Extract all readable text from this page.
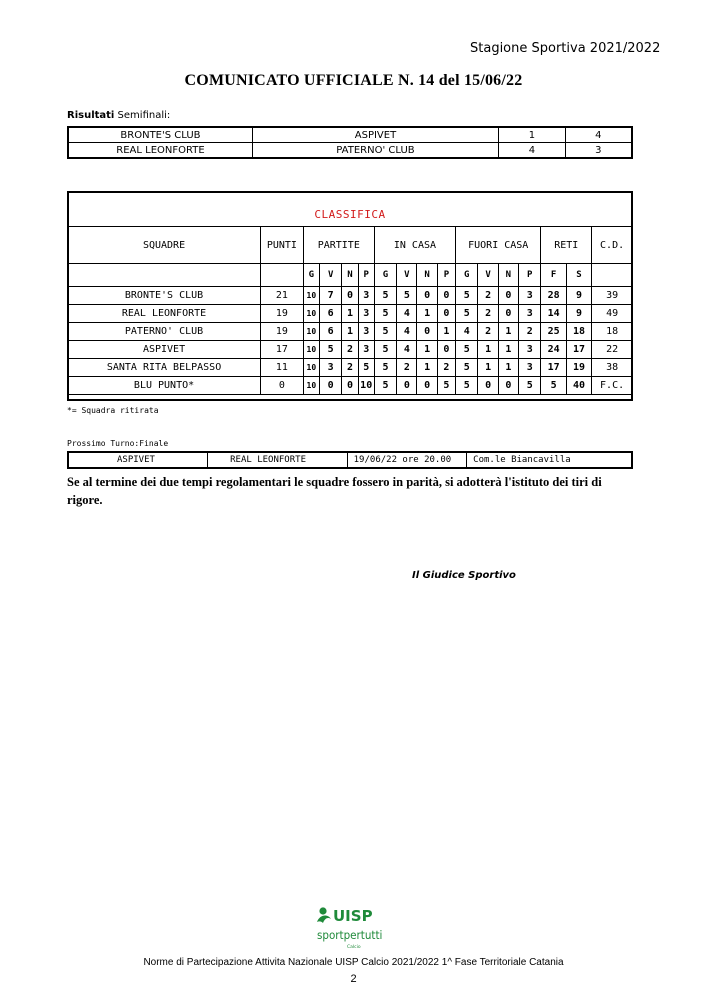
Stagione Sportiva 2021/2022
COMUNICATO UFFICIALE N. 14 del 15/06/22
Risultati Semifinali:
BRONTE'S CLUB	ASPIVET	1	4
REAL LEONFORTE	PATERNO' CLUB	4	3
CLASSIFICA
SQUADRE	PUNTI	PARTITE				IN CASA				FUORI CASA				RETI		C.D.
		G	V	N	P	G	V	N	P	G	V	N	P	F	S	
BRONTE'S CLUB	21	10	7	0	3	5	5	0	0	5	2	0	3	28	9	39
REAL LEONFORTE	19	10	6	1	3	5	4	1	0	5	2	0	3	14	9	49
PATERNO' CLUB	19	10	6	1	3	5	4	0	1	4	2	1	2	25	18	18
ASPIVET	17	10	5	2	3	5	4	1	0	5	1	1	3	24	17	22
SANTA RITA BELPASSO	11	10	3	2	5	5	2	1	2	5	1	1	3	17	19	38
BLU PUNTO*	0	10	0	0	10	5	0	0	5	5	0	0	5	5	40	F.C.
*= Squadra ritirata
Prossimo Turno:Finale
ASPIVET	REAL LEONFORTE	19/06/22 ore 20.00	Com.le Biancavilla
Se al termine dei due tempi regolamentari le squadre fossero in parità, si adotterà l'istituto dei tiri di rigore.
Il Giudice Sportivo
UISP
sportpertutti
Calcio
Norme di Partecipazione Attivita Nazionale UISP Calcio 2021/2022 1^ Fase Territoriale Catania
2
